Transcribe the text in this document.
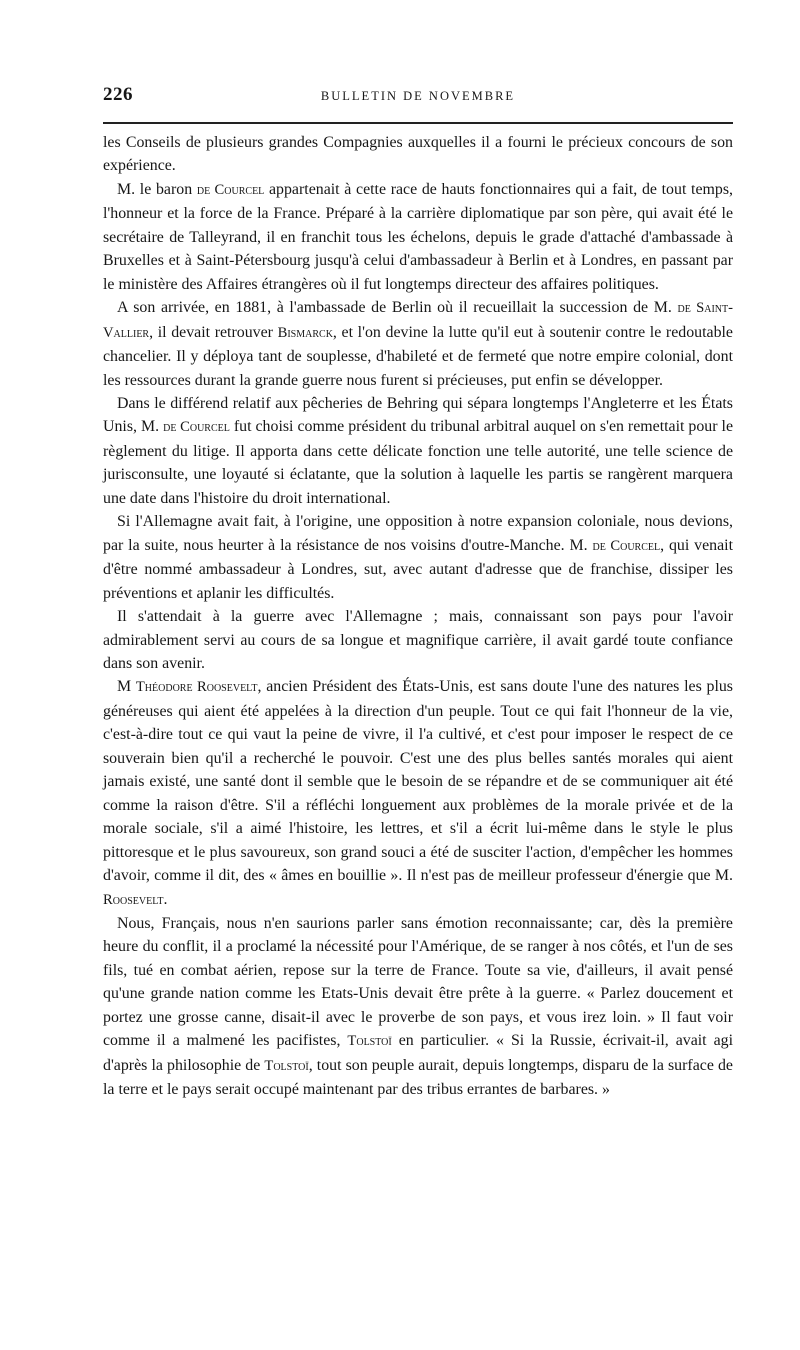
226	BULLETIN DE NOVEMBRE

les Conseils de plusieurs grandes Compagnies auxquelles il a fourni le précieux concours de son expérience.

M. le baron de Courcel appartenait à cette race de hauts fonctionnaires qui a fait, de tout temps, l'honneur et la force de la France. Préparé à la carrière diplomatique par son père, qui avait été le secrétaire de Talleyrand, il en franchit tous les échelons, depuis le grade d'attaché d'ambassade à Bruxelles et à Saint-Pétersbourg jusqu'à celui d'ambassadeur à Berlin et à Londres, en passant par le ministère des Affaires étrangères où il fut longtemps directeur des affaires politiques.

A son arrivée, en 1881, à l'ambassade de Berlin où il recueillait la succession de M. de Saint-Vallier, il devait retrouver Bismarck, et l'on devine la lutte qu'il eut à soutenir contre le redoutable chancelier. Il y déploya tant de souplesse, d'habileté et de fermeté que notre empire colonial, dont les ressources durant la grande guerre nous furent si précieuses, put enfin se développer.

Dans le différend relatif aux pêcheries de Behring qui sépara longtemps l'Angleterre et les États Unis, M. de Courcel fut choisi comme président du tribunal arbitral auquel on s'en remettait pour le règlement du litige. Il apporta dans cette délicate fonction une telle autorité, une telle science de jurisconsulte, une loyauté si éclatante, que la solution à laquelle les partis se rangèrent marquera une date dans l'histoire du droit international.

Si l'Allemagne avait fait, à l'origine, une opposition à notre expansion coloniale, nous devions, par la suite, nous heurter à la résistance de nos voisins d'outre-Manche. M. de Courcel, qui venait d'être nommé ambassadeur à Londres, sut, avec autant d'adresse que de franchise, dissiper les préventions et aplanir les difficultés.

Il s'attendait à la guerre avec l'Allemagne ; mais, connaissant son pays pour l'avoir admirablement servi au cours de sa longue et magnifique carrière, il avait gardé toute confiance dans son avenir.

M Théodore Roosevelt, ancien Président des États-Unis, est sans doute l'une des natures les plus généreuses qui aient été appelées à la direction d'un peuple. Tout ce qui fait l'honneur de la vie, c'est-à-dire tout ce qui vaut la peine de vivre, il l'a cultivé, et c'est pour imposer le respect de ce souverain bien qu'il a recherché le pouvoir. C'est une des plus belles santés morales qui aient jamais existé, une santé dont il semble que le besoin de se répandre et de se communiquer ait été comme la raison d'être. S'il a réfléchi longuement aux problèmes de la morale privée et de la morale sociale, s'il a aimé l'histoire, les lettres, et s'il a écrit lui-même dans le style le plus pittoresque et le plus savoureux, son grand souci a été de susciter l'action, d'empêcher les hommes d'avoir, comme il dit, des « âmes en bouillie ». Il n'est pas de meilleur professeur d'énergie que M. Roosevelt.

Nous, Français, nous n'en saurions parler sans émotion reconnaissante; car, dès la première heure du conflit, il a proclamé la nécessité pour l'Amérique, de se ranger à nos côtés, et l'un de ses fils, tué en combat aérien, repose sur la terre de France. Toute sa vie, d'ailleurs, il avait pensé qu'une grande nation comme les Etats-Unis devait être prête à la guerre. « Parlez doucement et portez une grosse canne, disait-il avec le proverbe de son pays, et vous irez loin. » Il faut voir comme il a malmené les pacifistes, Tolstoï en particulier. « Si la Russie, écrivait-il, avait agi d'après la philosophie de Tolstoï, tout son peuple aurait, depuis longtemps, disparu de la surface de la terre et le pays serait occupé maintenant par des tribus errantes de barbares. »
